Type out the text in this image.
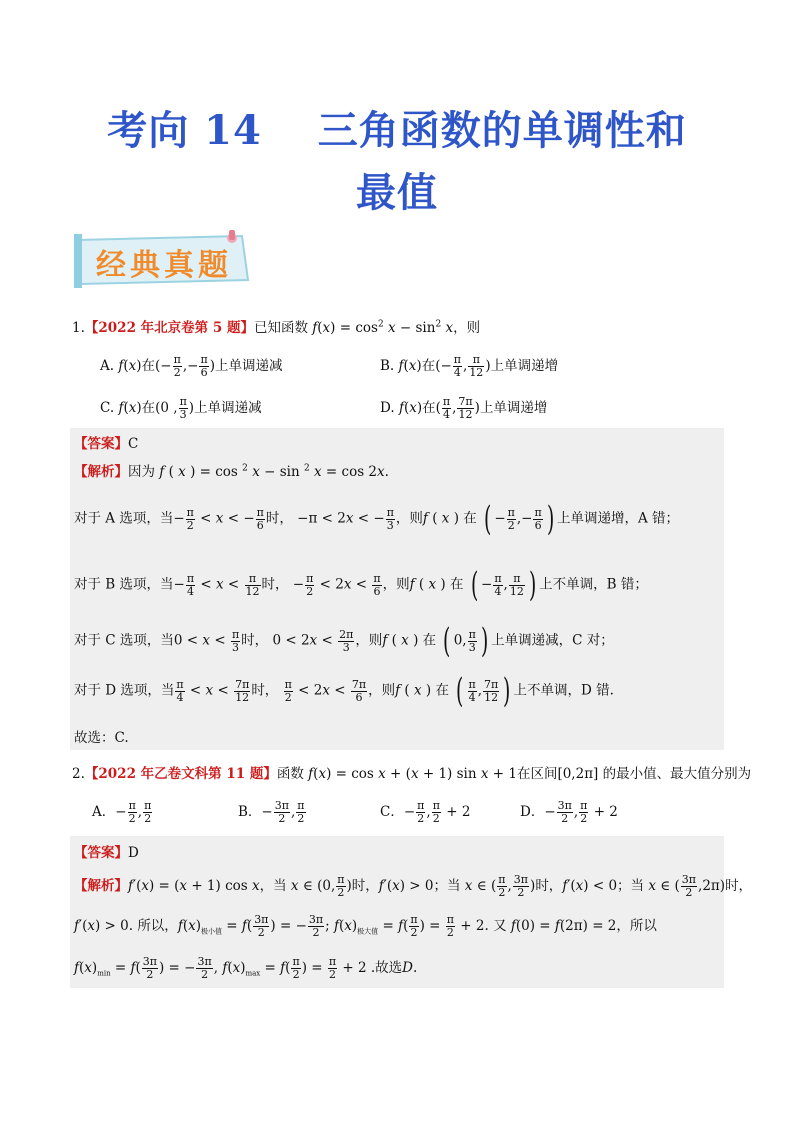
考向 14　 三角函数的单调性和
最值
经典真题
1.【2022 年北京卷第 5 题】已知函数 $f(x) = \cos^2 x - \sin^2 x$，则
A. f(x)在(− $\frac{\pi}{2}$ ,− $\frac{\pi}{6}$ )上单调递减	B. f(x)在(− $\frac{\pi}{4}$ , $\frac{\pi}{12}$ )上单调递增
C. f(x)在(0 , $\frac{\pi}{3}$ )上单调递减	D. f(x)在( $\frac{\pi}{4}$ , $\frac{7\pi}{12}$ )上单调递增
【答案】C
【解析】因为 f ( x ) = cos $^2$ x − sin $^2$ x = cos 2x.
对于 A 选项，当− $\frac{\pi}{2} < x$ < − $\frac{\pi}{6}$ 时， −π < 2x < − $\frac{\pi}{3}$ ，则f ( x ) 在 ( − $\frac{\pi}{2}$ ,− $\frac{\pi}{6}$ ) 上单调递增，A 错；
对于 B 选项，当− $\frac{\pi}{4} < x < \frac{\pi}{12}$ 时， − $\frac{\pi}{2} < 2x < \frac{\pi}{6}$ ，则f ( x ) 在 ( − $\frac{\pi}{4}$ , $\frac{\pi}{12}$ ) 上不单调，B 错；
对于 C 选项，当$0 < x < \frac{\pi}{3}$ 时， $0 < 2x < \frac{2\pi}{3}$ ，则f ( x ) 在 ( 0, $\frac{\pi}{3}$ ) 上单调递减，C 对；
对于 D 选项，当 $\frac{\pi}{4} < x < \frac{7\pi}{12}$ 时， $\frac{\pi}{2} < 2x < \frac{7\pi}{6}$ ，则f ( x ) 在 ( $\frac{\pi}{4}$ , $\frac{7\pi}{12}$ ) 上不单调，D 错.
故选：C.
2.【2022 年乙卷文科第 11 题】函数 f(x) = cos x + (x + 1) sin x + 1在区间[0,2π] 的最小值、最大值分别为
A．− $\frac{\pi}{2}$ , $\frac{\pi}{2}$	B．− $\frac{3\pi}{2}$ , $\frac{\pi}{2}$	C．− $\frac{\pi}{2}$ , $\frac{\pi}{2} + 2$	D．− $\frac{3\pi}{2}$ , $\frac{\pi}{2} + 2$
【答案】D
【解析】f′(x) = (x + 1) cos x，当 x ∈ (0, $\frac{\pi}{2}$ )时，f′(x) > 0；当 x ∈ ( $\frac{\pi}{2}$ , $\frac{3\pi}{2}$ )时，f′(x) < 0；当 x ∈ ( $\frac{3\pi}{2} ,2\pi$)时，
f′(x) > 0. 所以，$f(x)_{极小值} = f( \frac{3\pi}{2}$ ) = − $\frac{3\pi}{2}$ ; $f(x)_{极大值} = f( \frac{\pi}{2}$ ) = $\frac{\pi}{2} + 2$. 又 f(0) = f(2π) = 2，所以
$f(x)_{min} = f( \frac{3\pi}{2}$ ) = − $\frac{3\pi}{2}$ , $f(x)_{max} = f( \frac{\pi}{2}$ ) = $\frac{\pi}{2} + 2$ .故选D.
